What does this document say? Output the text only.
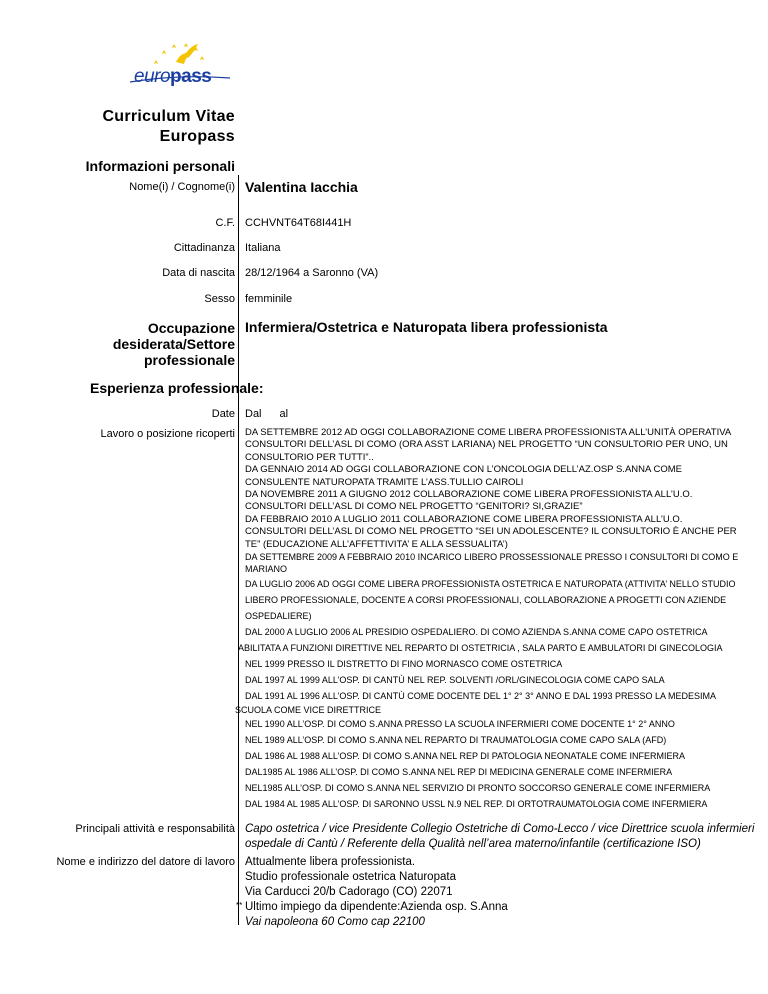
europass
Curriculum Vitae
Europass
Informazioni personali
Nome(i) / Cognome(i) Valentina Iacchia
C.F. CCHVNT64T68I441H
Cittadinanza Italiana
Data di nascita 28/12/1964 a Saronno (VA)
Sesso femminile
Occupazione
desiderata/Settore
professionale
Infermiera/Ostetrica e Naturopata libera professionista
Esperienza professionale:
Date Dal al
Lavoro o posizione ricoperti DA SETTEMBRE 2012 AD OGGI COLLABORAZIONE COME LIBERA PROFESSIONISTA ALL’UNITÀ OPERATIVA CONSULTORI DELL’ASL DI COMO (ORA ASST LARIANA) NEL PROGETTO “UN CONSULTORIO PER UNO, UN CONSULTORIO PER TUTTI”..
DA GENNAIO 2014 AD OGGI COLLABORAZIONE CON L’ONCOLOGIA DELL’AZ.OSP S.ANNA COME CONSULENTE NATUROPATA TRAMITE L’ASS.TULLIO CAIROLI
DA NOVEMBRE 2011 A GIUGNO 2012 COLLABORAZIONE COME LIBERA PROFESSIONISTA ALL’U.O. CONSULTORI DELL’ASL DI COMO NEL PROGETTO “GENITORI? SI,GRAZIE”
DA FEBBRAIO 2010 A LUGLIO 2011 COLLABORAZIONE COME LIBERA PROFESSIONISTA ALL’U.O. CONSULTORI DELL’ASL DI COMO NEL PROGETTO “SEI UN ADOLESCENTE? IL CONSULTORIO È ANCHE PER TE” (EDUCAZIONE ALL’AFFETTIVITA’ E ALLA SESSUALITA’)
DA SETTEMBRE 2009 A FEBBRAIO 2010 INCARICO LIBERO PROSSESSIONALE PRESSO I CONSULTORI DI COMO E MARIANO
DA LUGLIO 2006 AD OGGI COME LIBERA PROFESSIONISTA OSTETRICA E NATUROPATA (ATTIVITA’ NELLO STUDIO LIBERO PROFESSIONALE, DOCENTE A CORSI PROFESSIONALI, COLLABORAZIONE A PROGETTI CON AZIENDE OSPEDALIERE)
DAL 2000 A LUGLIO 2006 AL PRESIDIO OSPEDALIERO. DI COMO AZIENDA S.ANNA COME CAPO OSTETRICA
ABILITATA A FUNZIONI DIRETTIVE NEL REPARTO DI OSTETRICIA , SALA PARTO E AMBULATORI DI GINECOLOGIA
NEL 1999 PRESSO IL DISTRETTO DI FINO MORNASCO COME OSTETRICA
DAL 1997 AL 1999 ALL’OSP. DI CANTÙ NEL REP. SOLVENTI /ORL/GINECOLOGIA COME CAPO SALA
DAL 1991 AL 1996 ALL’OSP. DI CANTÙ COME DOCENTE DEL 1° 2° 3° ANNO E DAL 1993 PRESSO LA MEDESIMA
SCUOLA COME VICE DIRETTRICE
NEL 1990 ALL’OSP. DI COMO S.ANNA PRESSO LA SCUOLA INFERMIERI COME DOCENTE 1° 2° ANNO
NEL 1989 ALL’OSP. DI COMO S.ANNA NEL REPARTO DI TRAUMATOLOGIA COME CAPO SALA (AFD)
DAL 1986 AL 1988 ALL’OSP. DI COMO S.ANNA NEL REP DI PATOLOGIA NEONATALE COME INFERMIERA
DAL1985 AL 1986 ALL’OSP. DI COMO S.ANNA NEL REP DI MEDICINA GENERALE COME INFERMIERA
NEL1985 ALL’OSP. DI COMO S.ANNA NEL SERVIZIO DI PRONTO SOCCORSO GENERALE COME INFERMIERA
DAL 1984 AL 1985 ALL’OSP. DI SARONNO USSL N.9 NEL REP. DI ORTOTRAUMATOLOGIA COME INFERMIERA
Principali attività e responsabilità Capo ostetrica / vice Presidente Collegio Ostetriche di Como-Lecco / vice Direttrice scuola infermieri
ospedale di Cantù / Referente della Qualità nell’area materno/infantile (certificazione ISO)
Nome e indirizzo del datore di lavoro Attualmente libera professionista.
Studio professionale ostetrica Naturopata
Via Carducci 20/b Cadorago (CO) 22071
** Ultimo impiego da dipendente:Azienda osp. S.Anna
Vai napoleona 60 Como cap 22100
